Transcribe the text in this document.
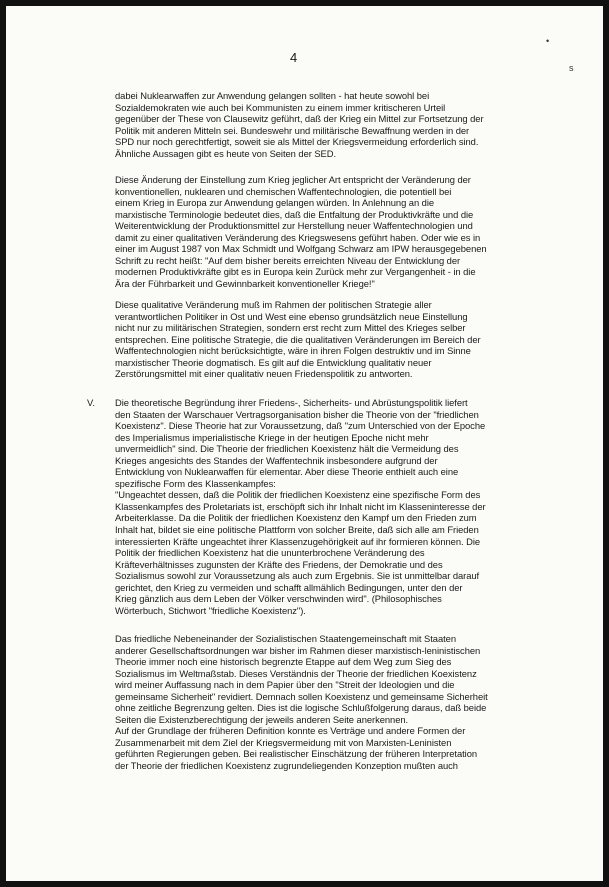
4
•
s

dabei Nuklearwaffen zur Anwendung gelangen sollten - hat heute sowohl bei
Sozialdemokraten wie auch bei Kommunisten zu einem immer kritischeren Urteil
gegenüber der These von Clausewitz geführt, daß der Krieg ein Mittel zur Fortsetzung der
Politik mit anderen Mitteln sei. Bundeswehr und militärische Bewaffnung werden in der
SPD nur noch gerechtfertigt, soweit sie als Mittel der Kriegsvermeidung erforderlich sind.
Ähnliche Aussagen gibt es heute von Seiten der SED.

Diese Änderung der Einstellung zum Krieg jeglicher Art entspricht der Veränderung der
konventionellen, nuklearen und chemischen Waffentechnologien, die potentiell bei
einem Krieg in Europa zur Anwendung gelangen würden. In Anlehnung an die
marxistische Terminologie bedeutet dies, daß die Entfaltung der Produktivkräfte und die
Weiterentwicklung der Produktionsmittel zur Herstellung neuer Waffentechnologien und
damit zu einer qualitativen Veränderung des Kriegswesens geführt haben. Oder wie es in
einer im August 1987 von Max Schmidt und Wolfgang Schwarz am IPW herausgegebenen
Schrift zu recht heißt: "Auf dem bisher bereits erreichten Niveau der Entwicklung der
modernen Produktivkräfte gibt es in Europa kein Zurück mehr zur Vergangenheit - in die
Ära der Führbarkeit und Gewinnbarkeit konventioneller Kriege!"

Diese qualitative Veränderung muß im Rahmen der politischen Strategie aller
verantwortlichen Politiker in Ost und West eine ebenso grundsätzlich neue Einstellung
nicht nur zu militärischen Strategien, sondern erst recht zum Mittel des Krieges selber
entsprechen. Eine politische Strategie, die die qualitativen Veränderungen im Bereich der
Waffentechnologien nicht berücksichtigte, wäre in ihren Folgen destruktiv und im Sinne
marxistischer Theorie dogmatisch. Es gilt auf die Entwicklung qualitativ neuer
Zerstörungsmittel mit einer qualitativ neuen Friedenspolitik zu antworten.

V. Die theoretische Begründung ihrer Friedens-, Sicherheits- und Abrüstungspolitik liefert
den Staaten der Warschauer Vertragsorganisation bisher die Theorie von der "friedlichen
Koexistenz". Diese Theorie hat zur Voraussetzung, daß "zum Unterschied von der Epoche
des Imperialismus imperialistische Kriege in der heutigen Epoche nicht mehr
unvermeidlich" sind. Die Theorie der friedlichen Koexistenz hält die Vermeidung des
Krieges angesichts des Standes der Waffentechnik insbesondere aufgrund der
Entwicklung von Nuklearwaffen für elementar. Aber diese Theorie enthielt auch eine
spezifische Form des Klassenkampfes:
"Ungeachtet dessen, daß die Politik der friedlichen Koexistenz eine spezifische Form des
Klassenkampfes des Proletariats ist, erschöpft sich ihr Inhalt nicht im Klasseninteresse der
Arbeiterklasse. Da die Politik der friedlichen Koexistenz den Kampf um den Frieden zum
Inhalt hat, bildet sie eine politische Plattform von solcher Breite, daß sich alle am Frieden
interessierten Kräfte ungeachtet ihrer Klassenzugehörigkeit auf ihr formieren können. Die
Politik der friedlichen Koexistenz hat die ununterbrochene Veränderung des
Kräfteverhältnisses zugunsten der Kräfte des Friedens, der Demokratie und des
Sozialismus sowohl zur Voraussetzung als auch zum Ergebnis. Sie ist unmittelbar darauf
gerichtet, den Krieg zu vermeiden und schafft allmählich Bedingungen, unter den der
Krieg gänzlich aus dem Leben der Völker verschwinden wird". (Philosophisches
Wörterbuch, Stichwort "friedliche Koexistenz").

Das friedliche Nebeneinander der Sozialistischen Staatengemeinschaft mit Staaten
anderer Gesellschaftsordnungen war bisher im Rahmen dieser marxistisch-leninistischen
Theorie immer noch eine historisch begrenzte Etappe auf dem Weg zum Sieg des
Sozialismus im Weltmaßstab. Dieses Verständnis der Theorie der friedlichen Koexistenz
wird meiner Auffassung nach in dem Papier über den "Streit der Ideologien und die
gemeinsame Sicherheit" revidiert. Demnach sollen Koexistenz und gemeinsame Sicherheit
ohne zeitliche Begrenzung gelten. Dies ist die logische Schlußfolgerung daraus, daß beide
Seiten die Existenzberechtigung der jeweils anderen Seite anerkennen.
Auf der Grundlage der früheren Definition konnte es Verträge und andere Formen der
Zusammenarbeit mit dem Ziel der Kriegsvermeidung mit von Marxisten-Leninisten
geführten Regierungen geben. Bei realistischer Einschätzung der früheren Interpretation
der Theorie der friedlichen Koexistenz zugrundeliegenden Konzeption mußten auch
